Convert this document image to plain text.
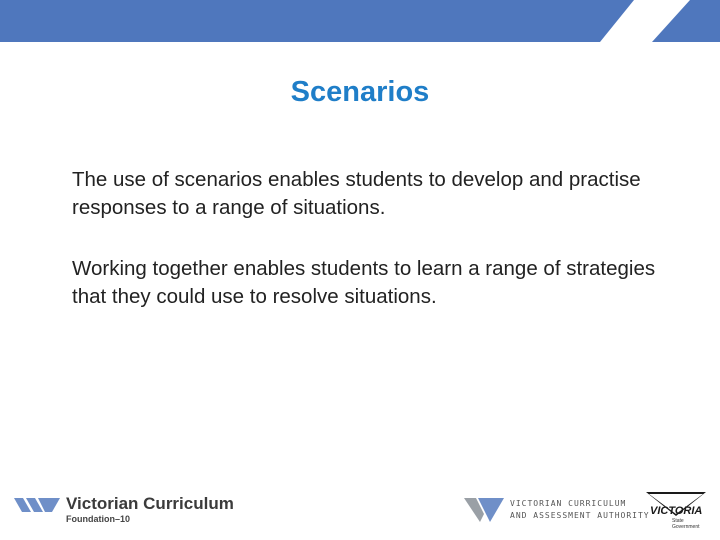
Scenarios

The use of scenarios enables students to develop and practise responses to a range of situations.

Working together enables students to learn a range of strategies that they could use to resolve situations.

Victorian Curriculum
Foundation–10
VICTORIAN CURRICULUM
AND ASSESSMENT AUTHORITY VICTORIA
State
Government
